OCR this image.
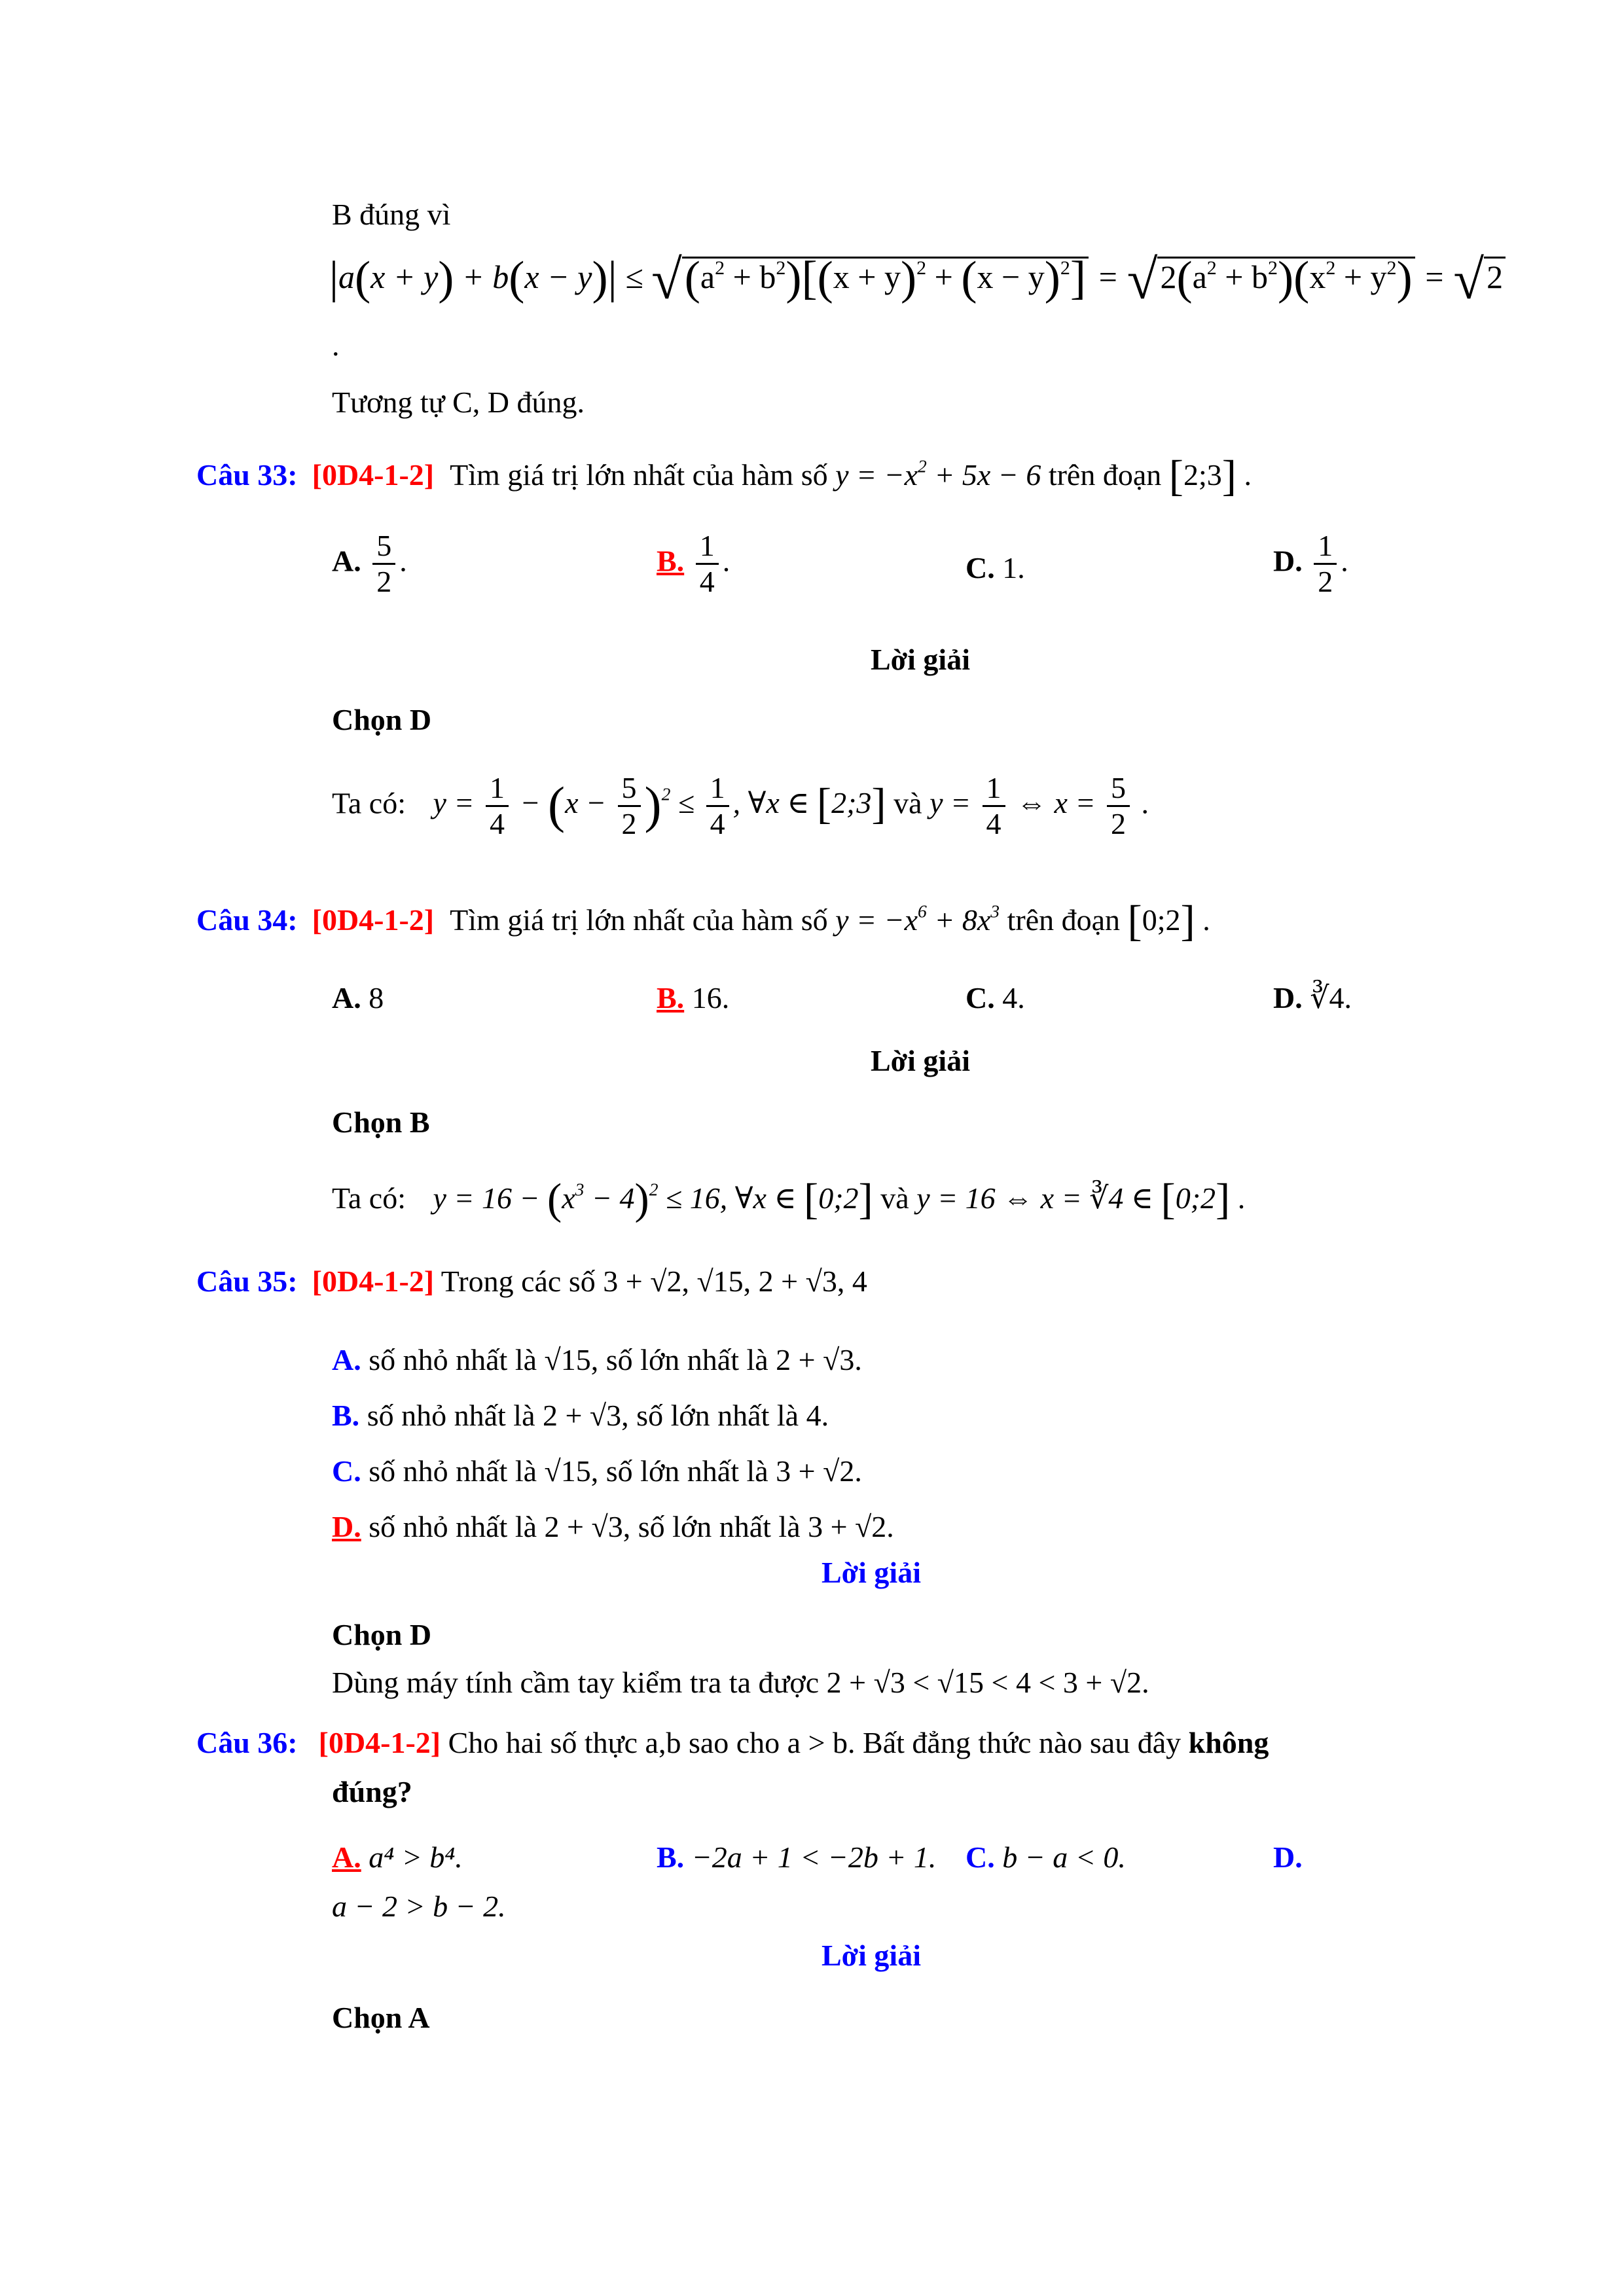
B đúng vì
$|a(x + y) + b(x - y)| \le √(a^2 + b^2)[(x + y)^2 + (x - y)^2] = √2(a^2 + b^2)(x^2 + y^2) = √2$
.
Tương tự C, D đúng.
Câu 33: [0D4-1-2] Tìm giá trị lớn nhất của hàm số $y = -x^2 + 5x - 6$ trên đoạn [2;3] .
A. $\frac{5}{2}$ .	B. $\frac{1}{4}$ .	C. 1.	D. $\frac{1}{2}$ .
Lời giải
Chọn D
Ta có: $y = \frac{1}{4} - (x - \frac{5}{2} )^2 \le \frac{1}{4}$ , ∀x ∈ [2;3] và $y = \frac{1}{4}$ ⇔ $x = \frac{5}{2}$ .
Câu 34: [0D4-1-2] Tìm giá trị lớn nhất của hàm số $y = -x^6 + 8x^3$ trên đoạn [0;2] .
A. 8	B. 16.	C. 4.	D. ∛4.
Lời giải
Chọn B
Ta có: $y = 16 - (x^3 - 4)^2 \le 16$, ∀x ∈ [0;2] và y = 16 ⇔ x = ∛4 ∈ [0;2] .
Câu 35: [0D4-1-2] Trong các số 3 + √2, √15, 2 + √3, 4
A. số nhỏ nhất là √15, số lớn nhất là 2 + √3.
B. số nhỏ nhất là 2 + √3, số lớn nhất là 4.
C. số nhỏ nhất là √15, số lớn nhất là 3 + √2.
D. số nhỏ nhất là 2 + √3, số lớn nhất là 3 + √2.
Lời giải
Chọn D
Dùng máy tính cầm tay kiểm tra ta được 2 + √3 < √15 < 4 < 3 + √2.
Câu 36: [0D4-1-2] Cho hai số thực a,b sao cho a > b. Bất đẳng thức nào sau đây không
đúng?
A. a⁴ > b⁴.	B. −2a + 1 < −2b + 1. C. b − a < 0.	D.
a − 2 > b − 2.
Lời giải
Chọn A
